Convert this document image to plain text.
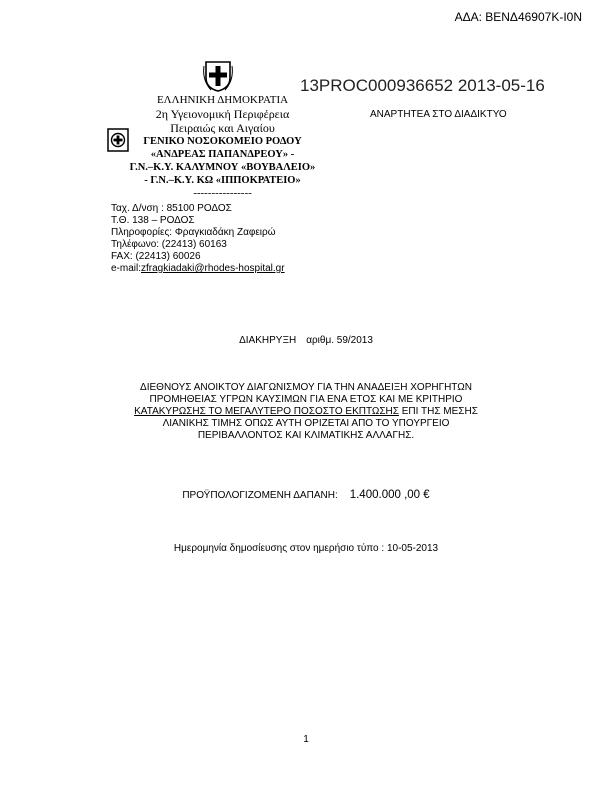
ΑΔΑ: ΒΕΝΔ46907Κ-Ι0Ν
13PROC000936652 2013-05-16
ΑΝΑΡΤΗΤΕΑ ΣΤΟ ΔΙΑΔΙΚΤΥΟ
ΕΛΛΗΝΙΚΗ ΔΗΜΟΚΡΑΤΙΑ
2η Υγειονομική Περιφέρεια
Πειραιώς και Αιγαίου
ΓΕΝΙΚΟ ΝΟΣΟΚΟΜΕΙΟ ΡΟΔΟΥ
«ΑΝΔΡΕΑΣ ΠΑΠΑΝΔΡΕΟΥ» -
Γ.Ν.–Κ.Υ. ΚΑΛΥΜΝΟΥ «ΒΟΥΒΑΛΕΙΟ»
- Γ.Ν.–Κ.Υ. ΚΩ «ΙΠΠΟΚΡΑΤΕΙΟ»
----------------
Ταχ. Δ/νση : 85100 ΡΟΔΟΣ
Τ.Θ. 138 – ΡΟΔΟΣ
Πληροφορίες: Φραγκιαδάκη Ζαφειρώ
Τηλέφωνο: (22413) 60163
FAX: (22413) 60026
e-mail:zfragkiadaki@rhodes-hospital.gr
ΔΙΑΚΗΡΥΞΗ αριθμ. 59/2013
ΔΙΕΘΝΟΥΣ ΑΝΟΙΚΤΟΥ ΔΙΑΓΩΝΙΣΜΟΥ ΓΙΑ ΤΗΝ ΑΝΑΔΕΙΞΗ ΧΟΡΗΓΗΤΩΝ
ΠΡΟΜΗΘΕΙΑΣ ΥΓΡΩΝ ΚΑΥΣΙΜΩΝ ΓΙΑ ΕΝΑ ΕΤΟΣ ΚΑΙ ΜΕ ΚΡΙΤΗΡΙΟ
ΚΑΤΑΚΥΡΩΣΗΣ ΤΟ ΜΕΓΑΛΥΤΕΡΟ ΠΟΣΟΣΤΟ ΕΚΠΤΩΣΗΣ ΕΠΙ ΤΗΣ ΜΕΣΗΣ
ΛΙΑΝΙΚΗΣ ΤΙΜΗΣ ΟΠΩΣ ΑΥΤΗ ΟΡΙΖΕΤΑΙ ΑΠΟ ΤΟ ΥΠΟΥΡΓΕΙΟ
ΠΕΡΙΒΑΛΛΟΝΤΟΣ ΚΑΙ ΚΛΙΜΑΤΙΚΗΣ ΑΛΛΑΓΗΣ.
ΠΡΟΫΠΟΛΟΓΙΖΟΜΕΝΗ ΔΑΠΑΝΗ: 1.400.000 ,00 €
Ημερομηνία δημοσίευσης στον ημερήσιο τύπο : 10-05-2013
1
